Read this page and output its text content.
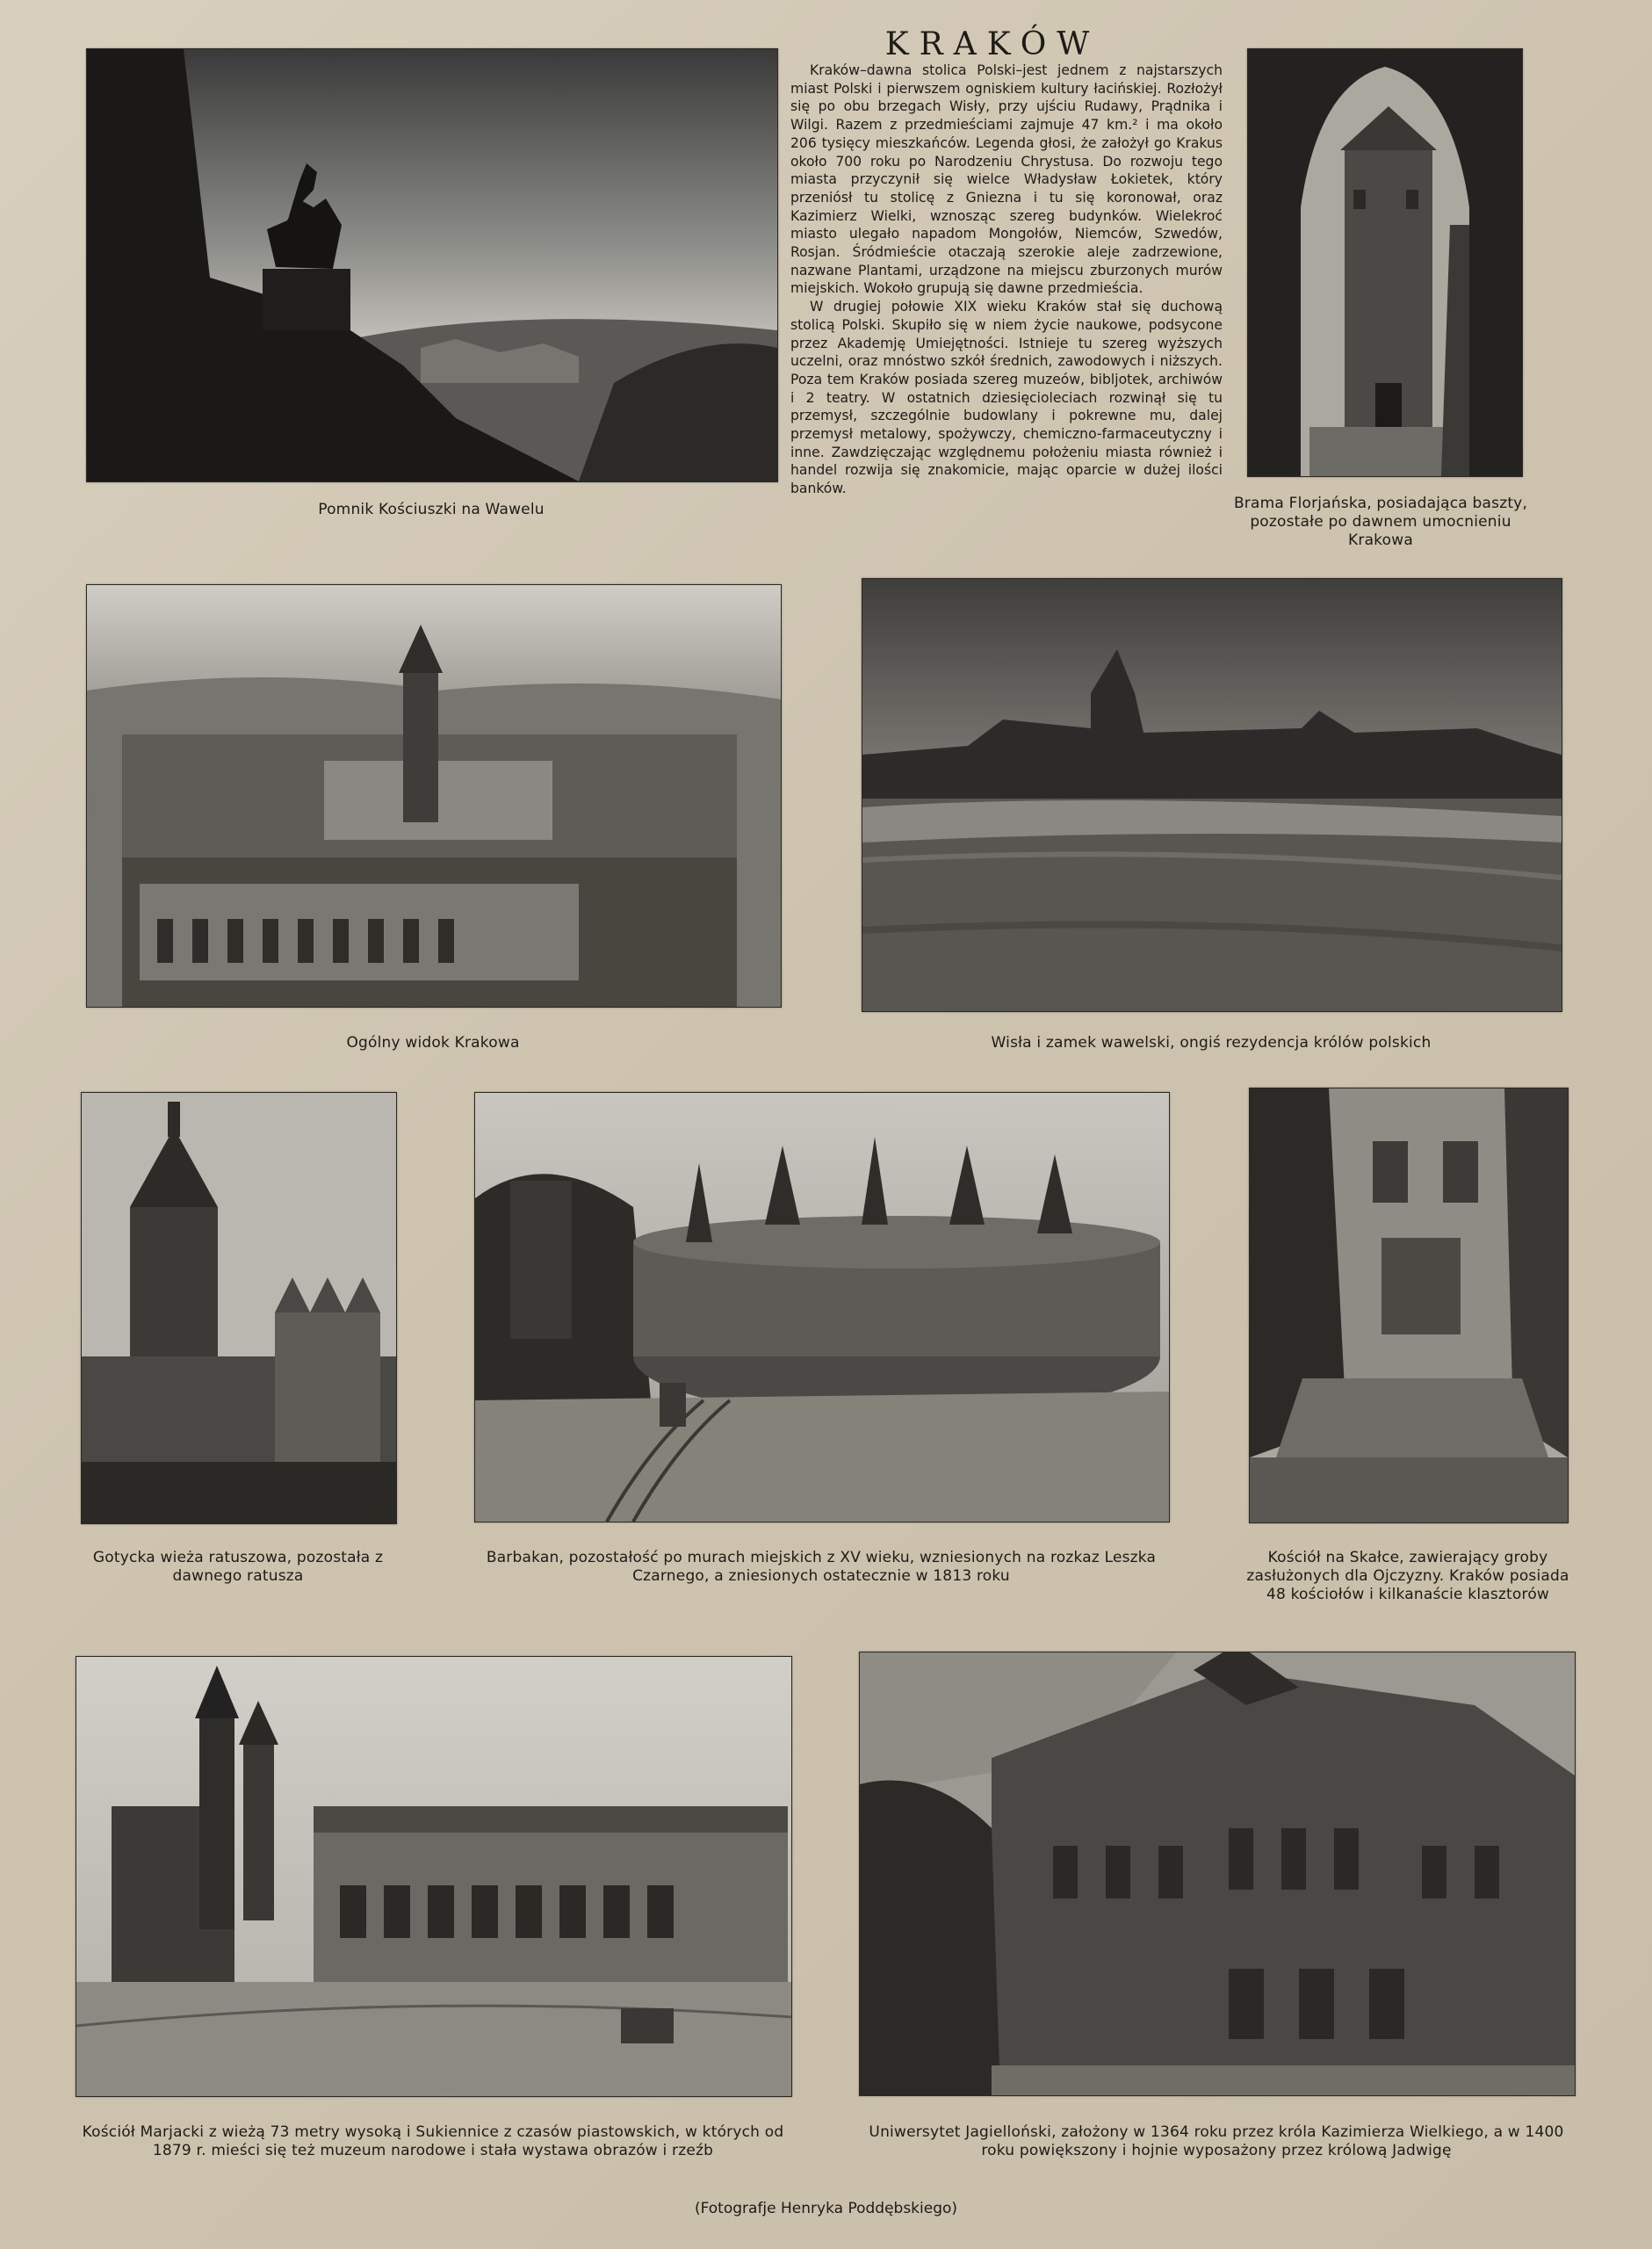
KRAKÓW

Kraków–dawna stolica Polski–jest jednem z najstarszych miast Polski i pierwszem ogniskiem kultury łacińskiej. Rozłożył się po obu brzegach Wisły, przy ujściu Rudawy, Prądnika i Wilgi. Razem z przedmieściami zajmuje 47 km.² i ma około 206 tysięcy mieszkańców. Legenda głosi, że założył go Krakus około 700 roku po Narodzeniu Chrystusa. Do rozwoju tego miasta przyczynił się wielce Władysław Łokietek, który przeniósł tu stolicę z Gniezna i tu się koronował, oraz Kazimierz Wielki, wznosząc szereg budynków. Wielekroć miasto ulegało napadom Mongołów, Niemców, Szwedów, Rosjan. Śródmieście otaczają szerokie aleje zadrzewione, nazwane Plantami, urządzone na miejscu zburzonych murów miejskich. Wokoło grupują się dawne przedmieścia.

W drugiej połowie XIX wieku Kraków stał się duchową stolicą Polski. Skupiło się w niem życie naukowe, podsycone przez Akademję Umiejętności. Istnieje tu szereg wyższych uczelni, oraz mnóstwo szkół średnich, zawodowych i niższych. Poza tem Kraków posiada szereg muzeów, bibljotek, archiwów i 2 teatry. W ostatnich dziesięcioleciach rozwinął się tu przemysł, szczególnie budowlany i pokrewne mu, dalej przemysł metalowy, spożywczy, chemiczno-farmaceutyczny i inne. Zawdzięczając względnemu położeniu miasta również i handel rozwija się znakomicie, mając oparcie w dużej ilości banków.

Pomnik Kościuszki na Wawelu	Brama Florjańska, posiadająca baszty, pozostałe po dawnem umocnieniu Krakowa
Ogólny widok Krakowa	Wisła i zamek wawelski, ongiś rezydencja królów polskich
Gotycka wieża ratuszowa, pozostała z dawnego ratusza
Barbakan, pozostałość po murach miejskich z XV wieku, wzniesionych na rozkaz Leszka Czarnego, a zniesionych ostatecznie w 1813 roku
Kościół na Skałce, zawierający groby zasłużonych dla Ojczyzny. Kraków posiada 48 kościołów i kilkanaście klasztorów
Kościół Marjacki z wieżą 73 metry wysoką i Sukiennice z czasów piastowskich, w których od 1879 r. mieści się też muzeum narodowe i stała wystawa obrazów i rzeźb
Uniwersytet Jagielloński, założony w 1364 roku przez króla Kazimierza Wielkiego, a w 1400 roku powiększony i hojnie wyposażony przez królową Jadwigę
(Fotografje Henryka Poddębskiego)
